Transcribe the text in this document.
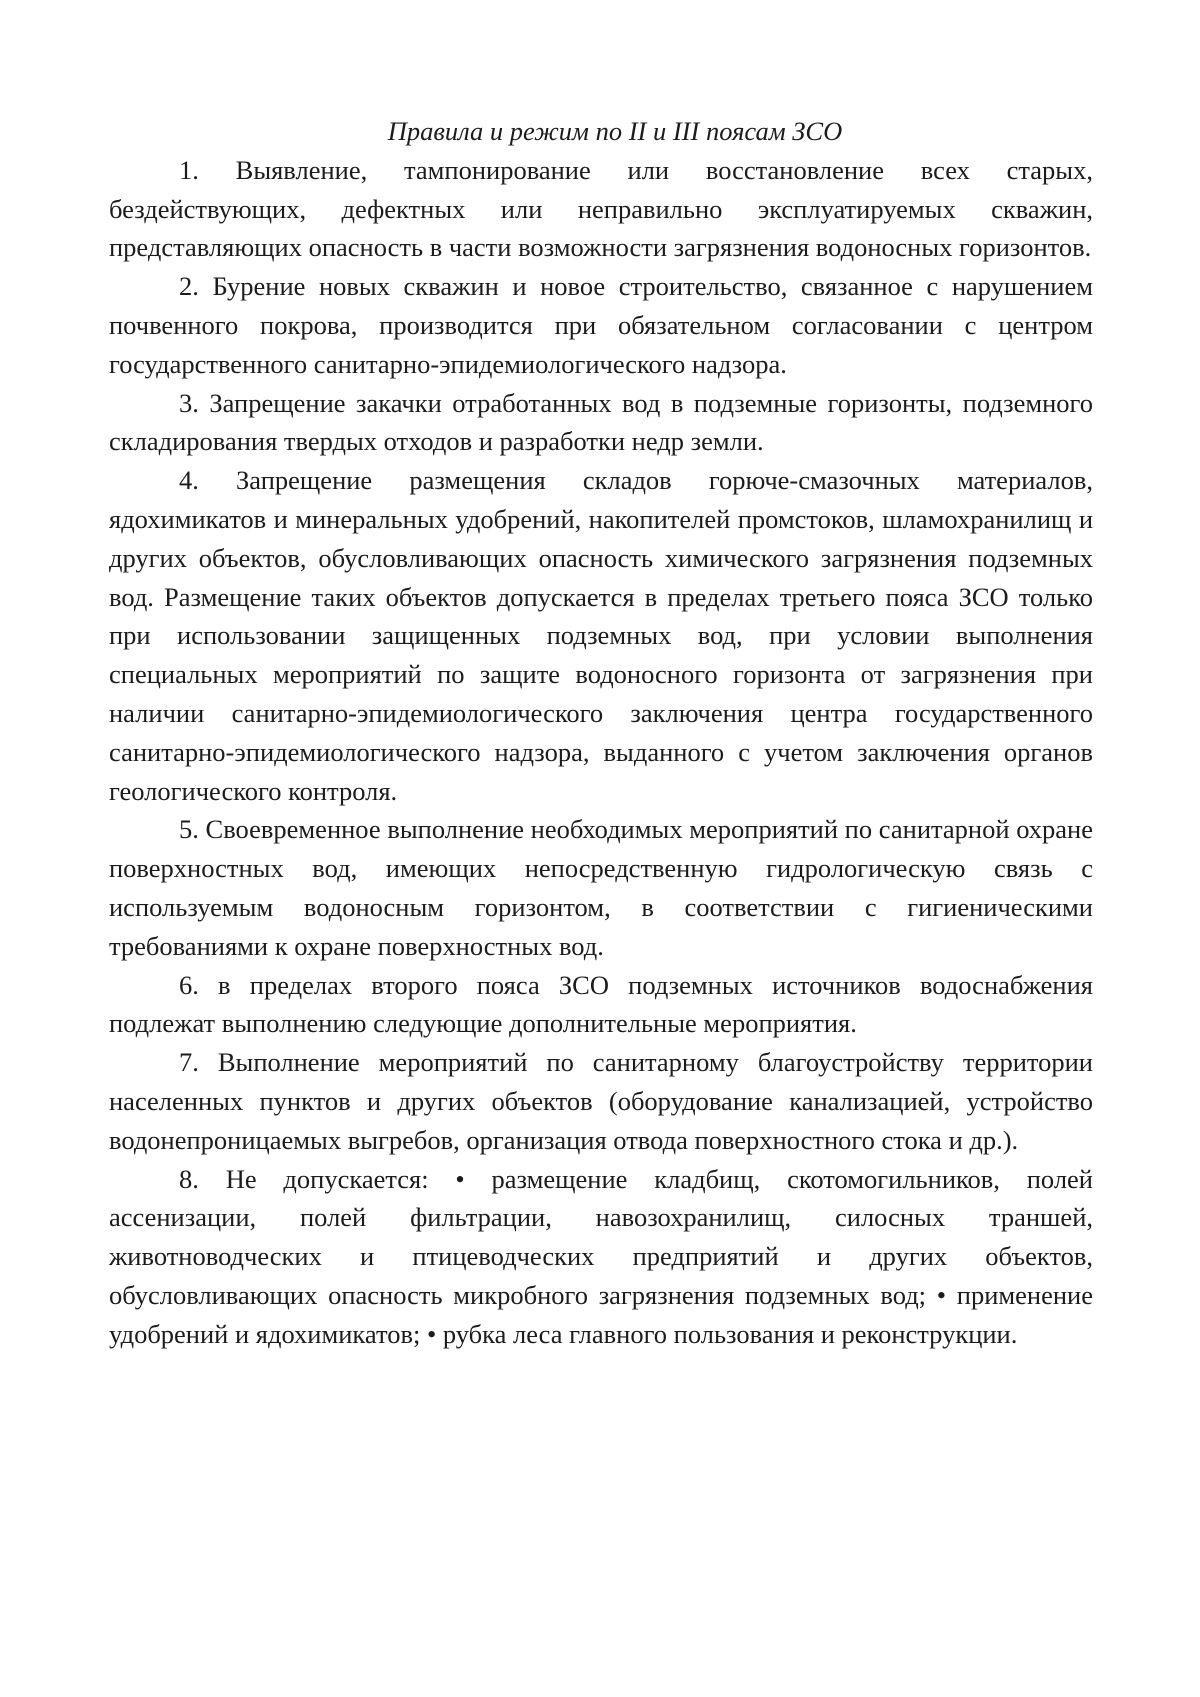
Правила и режим по II и III поясам ЗСО

1. Выявление, тампонирование или восстановление всех старых, бездействующих, дефектных или неправильно эксплуатируемых скважин, представляющих опасность в части возможности загрязнения водоносных горизонтов.

2. Бурение новых скважин и новое строительство, связанное с нарушением почвенного покрова, производится при обязательном согласовании с центром государственного санитарно-эпидемиологического надзора.

3. Запрещение закачки отработанных вод в подземные горизонты, подземного складирования твердых отходов и разработки недр земли.

4. Запрещение размещения складов горюче-смазочных материалов, ядохимикатов и минеральных удобрений, накопителей промстоков, шламохранилищ и других объектов, обусловливающих опасность химического загрязнения подземных вод. Размещение таких объектов допускается в пределах третьего пояса ЗСО только при использовании защищенных подземных вод, при условии выполнения специальных мероприятий по защите водоносного горизонта от загрязнения при наличии санитарно-эпидемиологического заключения центра государственного санитарно-эпидемиологического надзора, выданного с учетом заключения органов геологического контроля.

5. Своевременное выполнение необходимых мероприятий по санитарной охране поверхностных вод, имеющих непосредственную гидрологическую связь с используемым водоносным горизонтом, в соответствии с гигиеническими требованиями к охране поверхностных вод.

6. в пределах второго пояса ЗСО подземных источников водоснабжения подлежат выполнению следующие дополнительные мероприятия.

7. Выполнение мероприятий по санитарному благоустройству территории населенных пунктов и других объектов (оборудование канализацией, устройство водонепроницаемых выгребов, организация отвода поверхностного стока и др.).

8. Не допускается: • размещение кладбищ, скотомогильников, полей ассенизации, полей фильтрации, навозохранилищ, силосных траншей, животноводческих и птицеводческих предприятий и других объектов, обусловливающих опасность микробного загрязнения подземных вод; • применение удобрений и ядохимикатов; • рубка леса главного пользования и реконструкции.
